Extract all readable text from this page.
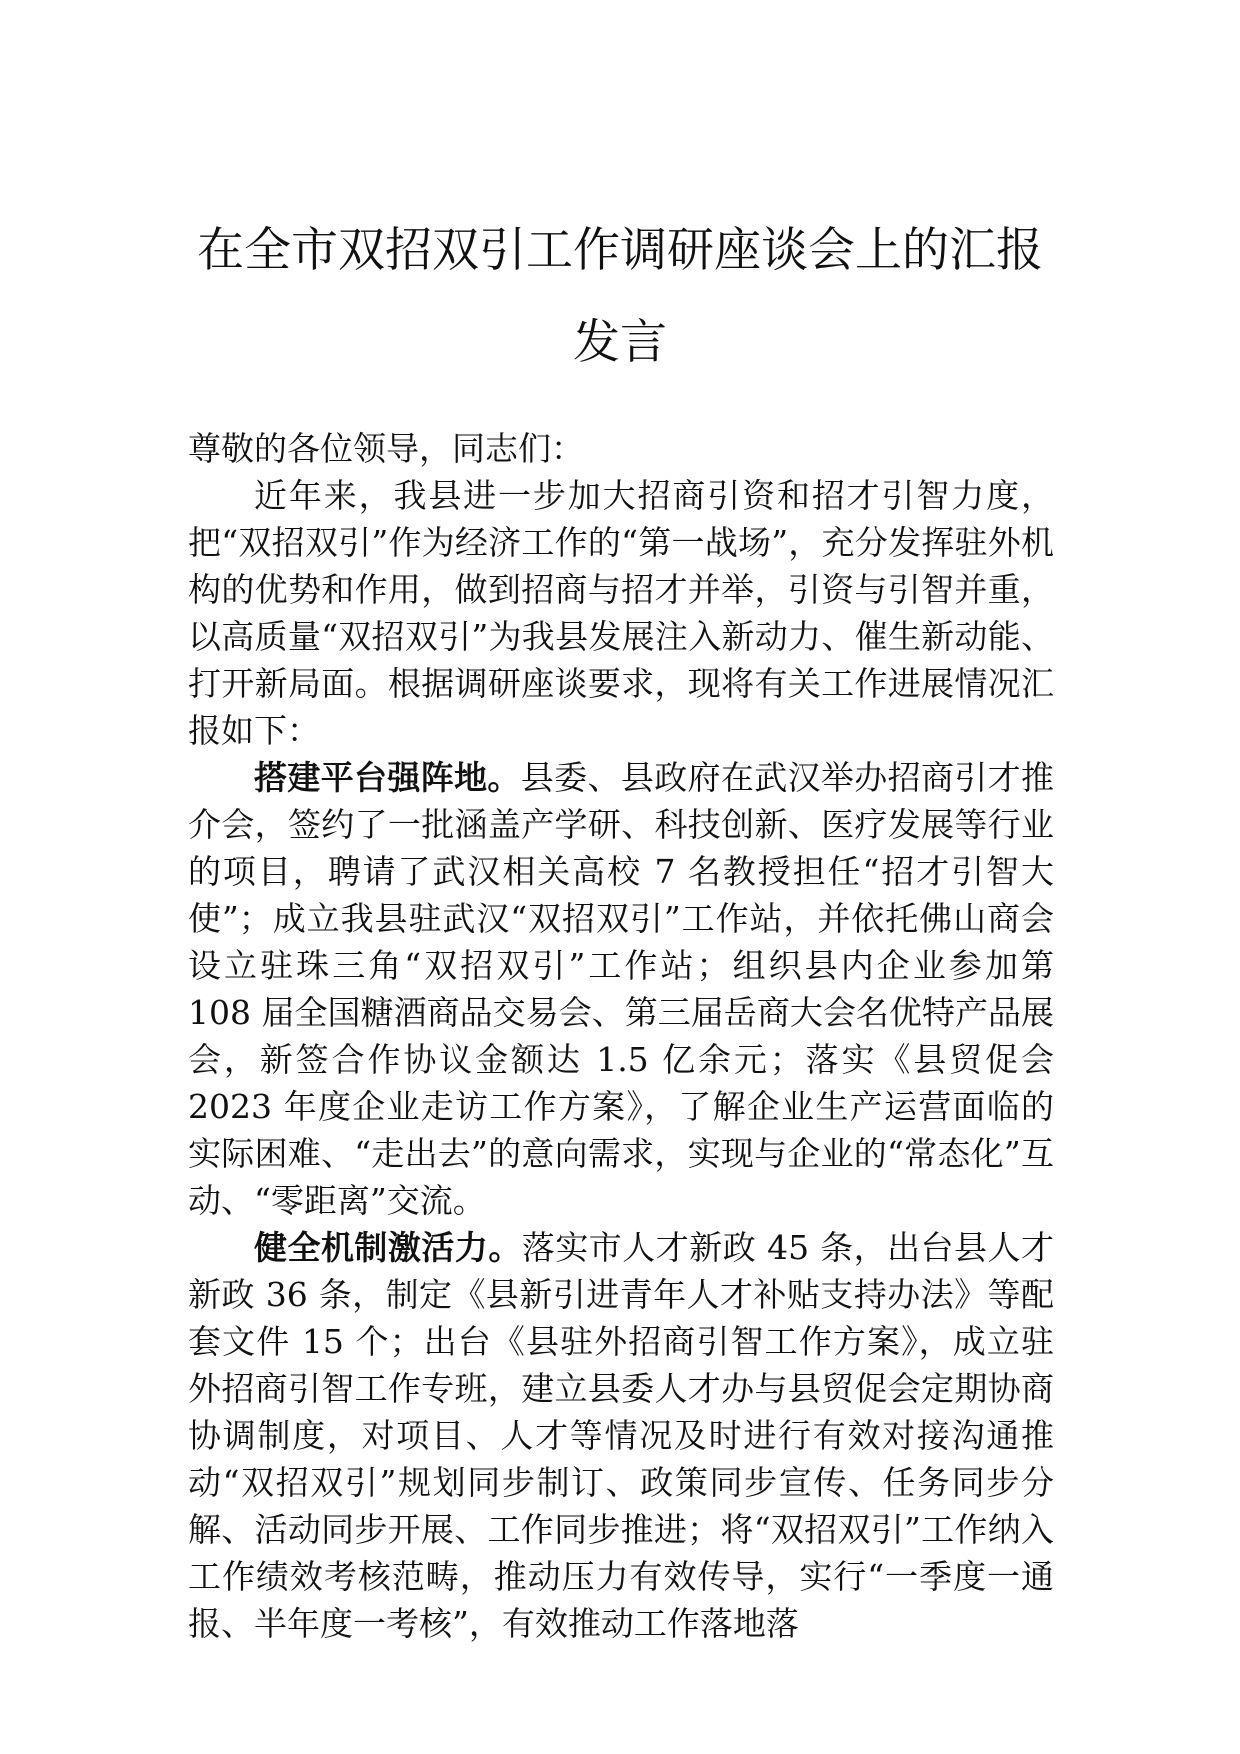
在全市双招双引工作调研座谈会上的汇报发言

尊敬的各位领导，同志们：

近年来，我县进一步加大招商引资和招才引智力度，把“双招双引”作为经济工作的“第一战场”，充分发挥驻外机构的优势和作用，做到招商与招才并举，引资与引智并重，以高质量“双招双引”为我县发展注入新动力、催生新动能、打开新局面。根据调研座谈要求，现将有关工作进展情况汇报如下：

搭建平台强阵地。县委、县政府在武汉举办招商引才推介会，签约了一批涵盖产学研、科技创新、医疗发展等行业的项目，聘请了武汉相关高校 7 名教授担任“招才引智大使”；成立我县驻武汉“双招双引”工作站，并依托佛山商会设立驻珠三角“双招双引”工作站；组织县内企业参加第 108 届全国糖酒商品交易会、第三届岳商大会名优特产品展会，新签合作协议金额达 1.5 亿余元；落实《县贸促会 2023 年度企业走访工作方案》，了解企业生产运营面临的实际困难、“走出去”的意向需求，实现与企业的“常态化”互动、“零距离”交流。

健全机制激活力。落实市人才新政 45 条，出台县人才新政 36 条，制定《县新引进青年人才补贴支持办法》等配套文件 15 个；出台《县驻外招商引智工作方案》，成立驻外招商引智工作专班，建立县委人才办与县贸促会定期协商协调制度，对项目、人才等情况及时进行有效对接沟通推动“双招双引”规划同步制订、政策同步宣传、任务同步分解、活动同步开展、工作同步推进；将“双招双引”工作纳入工作绩效考核范畴，推动压力有效传导，实行“一季度一通报、半年度一考核”，有效推动工作落地落
